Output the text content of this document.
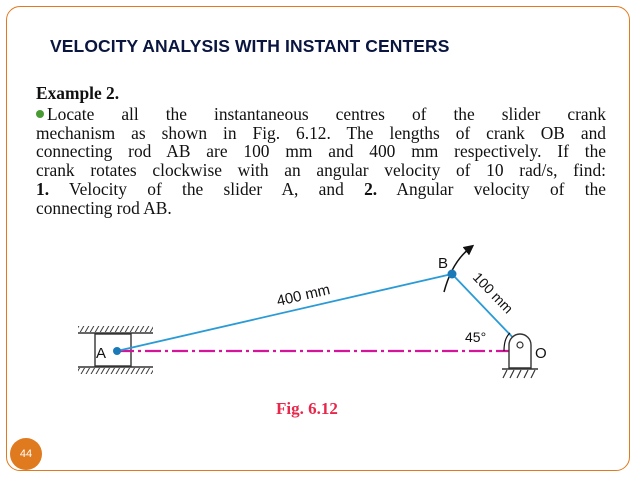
VELOCITY ANALYSIS WITH INSTANT CENTERS
Example 2.

Locate all the instantaneous centres of the slider crank

mechanism as shown in Fig. 6.12. The lengths of crank OB and

connecting rod AB are 100 mm and 400 mm respectively. If the

crank rotates clockwise with an angular velocity of 10 rad/s, find:

1. Velocity of the slider A, and 2. Angular velocity of the

connecting rod AB.

A
B
O
400 mm	100 mm
45°
Fig. 6.12
44
